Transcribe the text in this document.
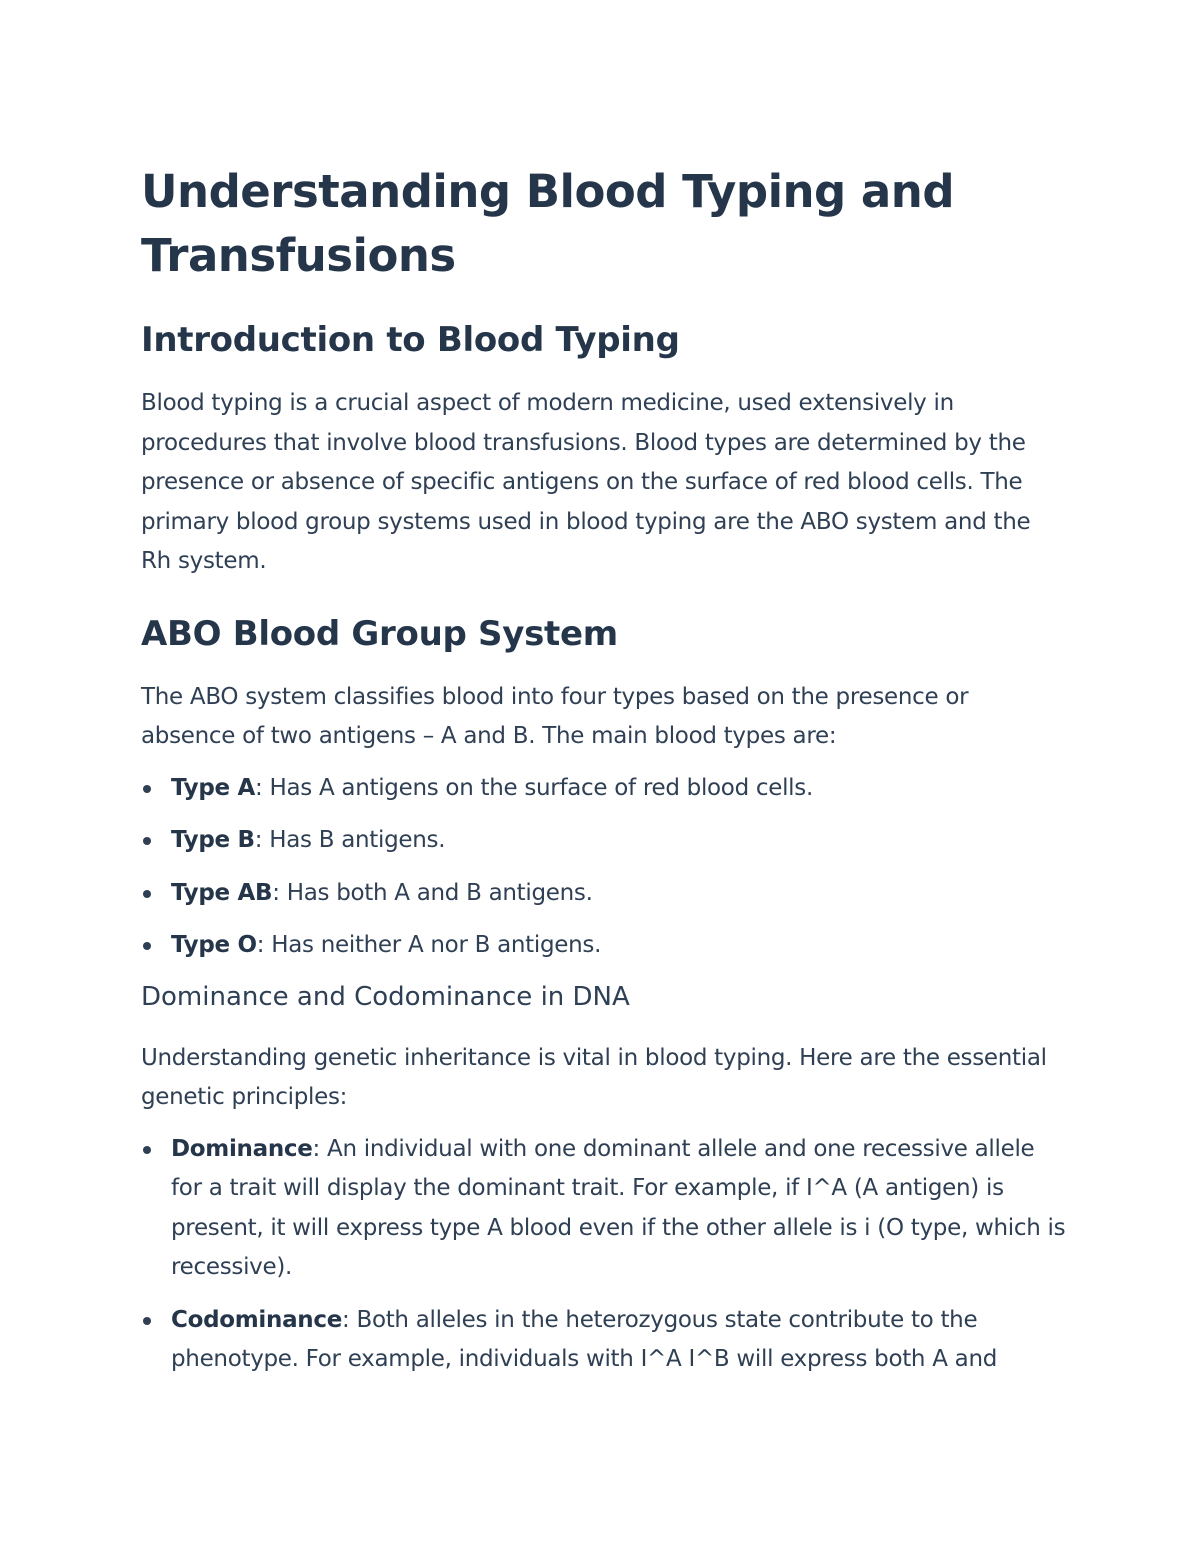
Understanding Blood Typing and Transfusions
Introduction to Blood Typing

Blood typing is a crucial aspect of modern medicine, used extensively in procedures that involve blood transfusions. Blood types are determined by the presence or absence of specific antigens on the surface of red blood cells. The primary blood group systems used in blood typing are the ABO system and the Rh system.

ABO Blood Group System

The ABO system classifies blood into four types based on the presence or absence of two antigens – A and B. The main blood types are:

Type A: Has A antigens on the surface of red blood cells.
Type B: Has B antigens.
Type AB: Has both A and B antigens.
Type O: Has neither A nor B antigens.
Dominance and Codominance in DNA

Understanding genetic inheritance is vital in blood typing. Here are the essential genetic principles:

Dominance: An individual with one dominant allele and one recessive allele for a trait will display the dominant trait. For example, if I^A (A antigen) is present, it will express type A blood even if the other allele is i (O type, which is recessive).
Codominance: Both alleles in the heterozygous state contribute to the phenotype. For example, individuals with I^A I^B will express both A and
